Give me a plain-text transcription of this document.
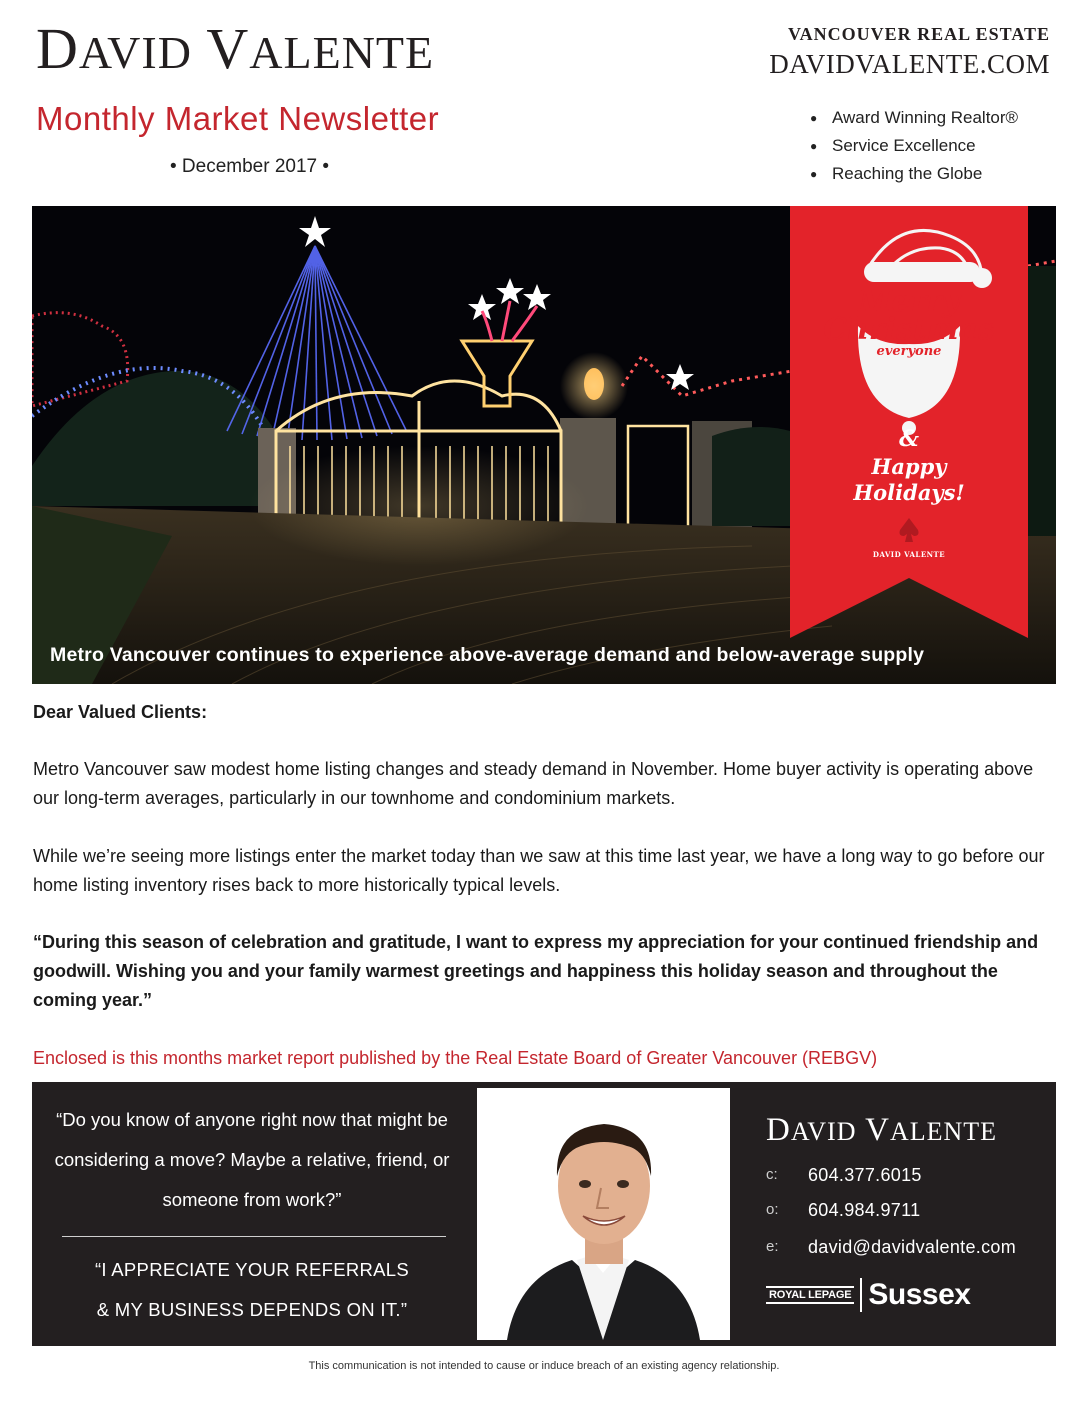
DAVID VALENTE
Monthly Market Newsletter
• December 2017 •
VANCOUVER REAL ESTATE
DAVIDVALENTE.COM
● Award Winning Realtor®
● Service Excellence
● Reaching the Globe
Merry
Christmas
everyone
&
Happy
Holidays!
DAVID VALENTE
Metro Vancouver continues to experience above-average demand and below-average supply
Dear Valued Clients:
Metro Vancouver saw modest home listing changes and steady demand in November. Home buyer activity is operating above our long-term averages, particularly in our townhome and condominium markets.
While we’re seeing more listings enter the market today than we saw at this time last year, we have a long way to go before our home listing inventory rises back to more historically typical levels.
“During this season of celebration and gratitude, I want to express my appreciation for your continued friendship and goodwill. Wishing you and your family warmest greetings and happiness this holiday season and throughout the coming year.”
Enclosed is this months market report published by the Real Estate Board of Greater Vancouver (REBGV)
“Do you know of anyone right now that might be considering a move? Maybe a relative, friend, or someone from work?”
“I APPRECIATE YOUR REFERRALS
& MY BUSINESS DEPENDS ON IT.”
DAVID VALENTE
c:	604.377.6015
o:	604.984.9711
e:	david@davidvalente.com
ROYAL LEPAGE Sussex
This communication is not intended to cause or induce breach of an existing agency relationship.
